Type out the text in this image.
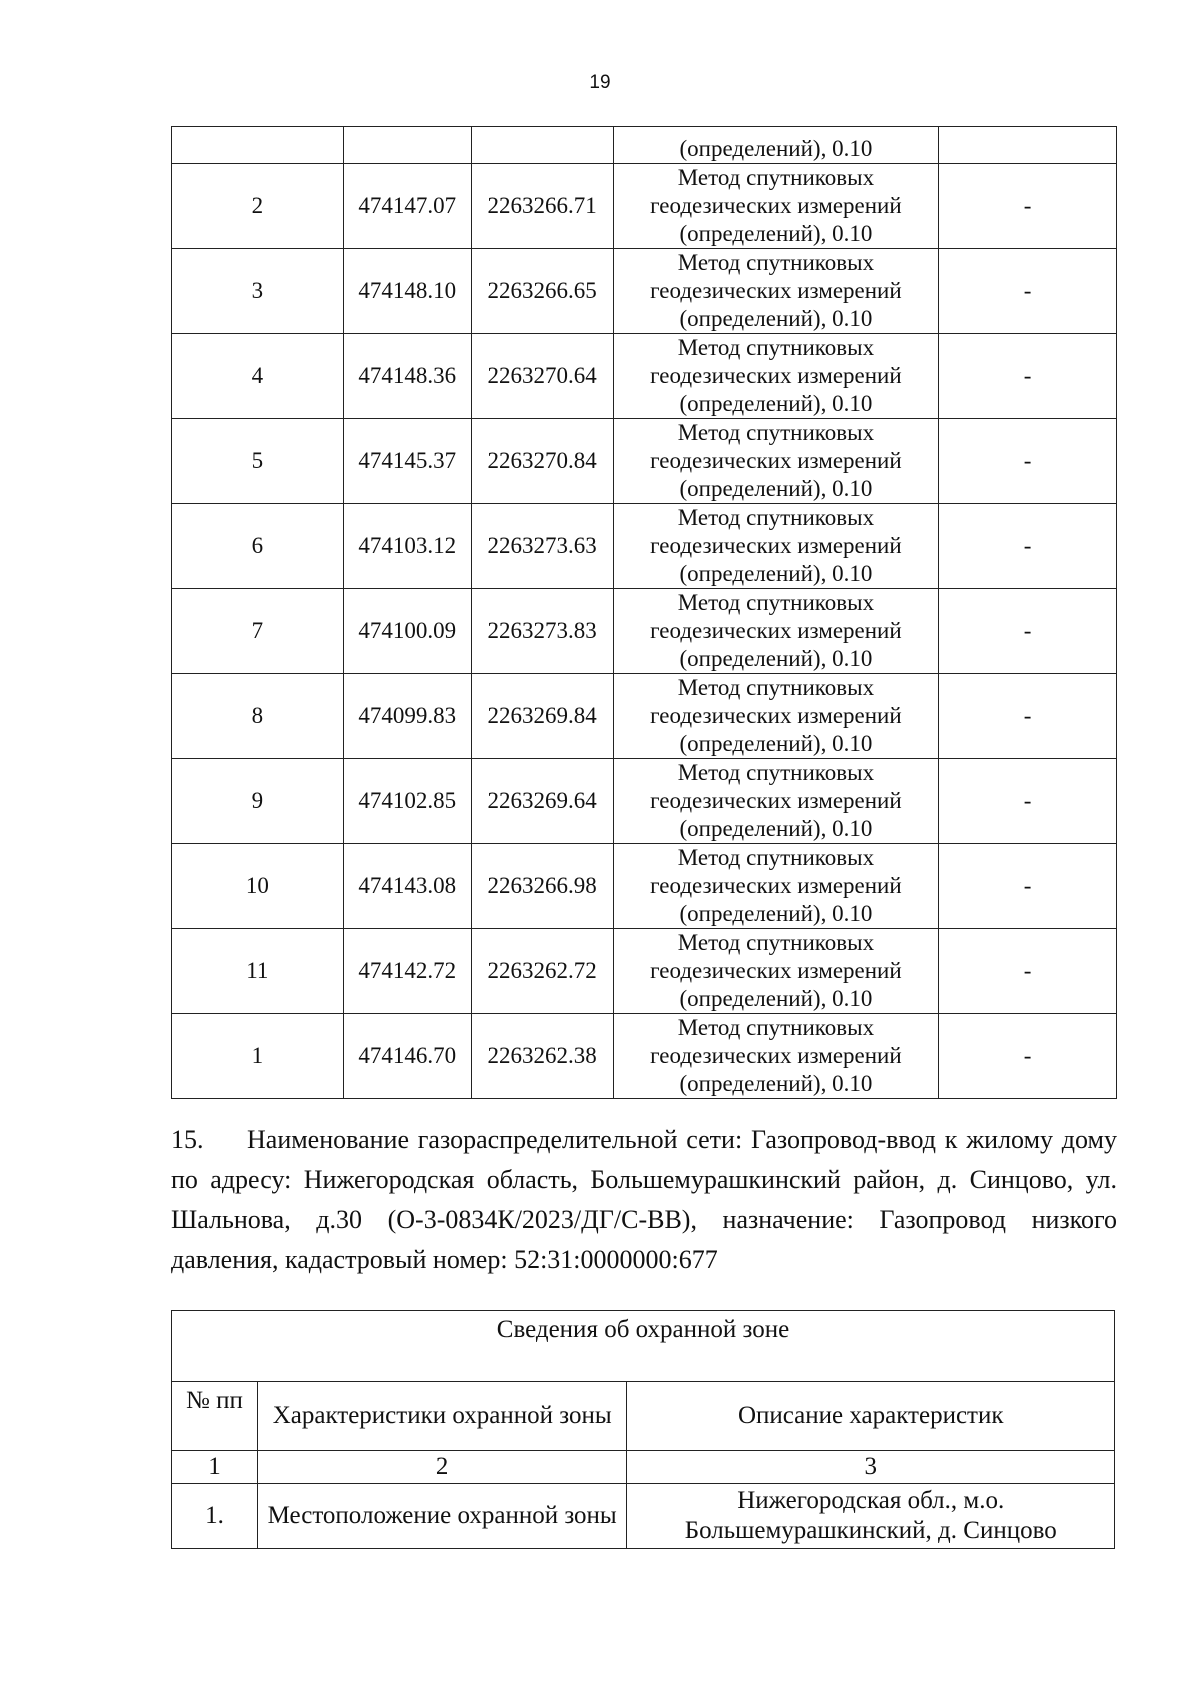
19
			(определений), 0.10	
2	474147.07	2263266.71	Метод спутниковых
геодезических измерений
(определений), 0.10	-
3	474148.10	2263266.65	Метод спутниковых
геодезических измерений
(определений), 0.10	-
4	474148.36	2263270.64	Метод спутниковых
геодезических измерений
(определений), 0.10	-
5	474145.37	2263270.84	Метод спутниковых
геодезических измерений
(определений), 0.10	-
6	474103.12	2263273.63	Метод спутниковых
геодезических измерений
(определений), 0.10	-
7	474100.09	2263273.83	Метод спутниковых
геодезических измерений
(определений), 0.10	-
8	474099.83	2263269.84	Метод спутниковых
геодезических измерений
(определений), 0.10	-
9	474102.85	2263269.64	Метод спутниковых
геодезических измерений
(определений), 0.10	-
10	474143.08	2263266.98	Метод спутниковых
геодезических измерений
(определений), 0.10	-
11	474142.72	2263262.72	Метод спутниковых
геодезических измерений
(определений), 0.10	-
1	474146.70	2263262.38	Метод спутниковых
геодезических измерений
(определений), 0.10	-
15. Наименование газораспределительной сети: Газопровод-ввод к жилому дому по адресу: Нижегородская область, Большемурашкинский район, д. Синцово, ул. Шальнова, д.30 (О-3-0834К/2023/ДГ/С-ВВ), назначение: Газопровод низкого давления, кадастровый номер: 52:31:0000000:677
Сведения об охранной зоне		
№ пп	Характеристики охранной зоны	Описание характеристик
1	2	3
1.	Местоположение охранной зоны	Нижегородская обл., м.о. Большемурашкинский, д. Синцово
